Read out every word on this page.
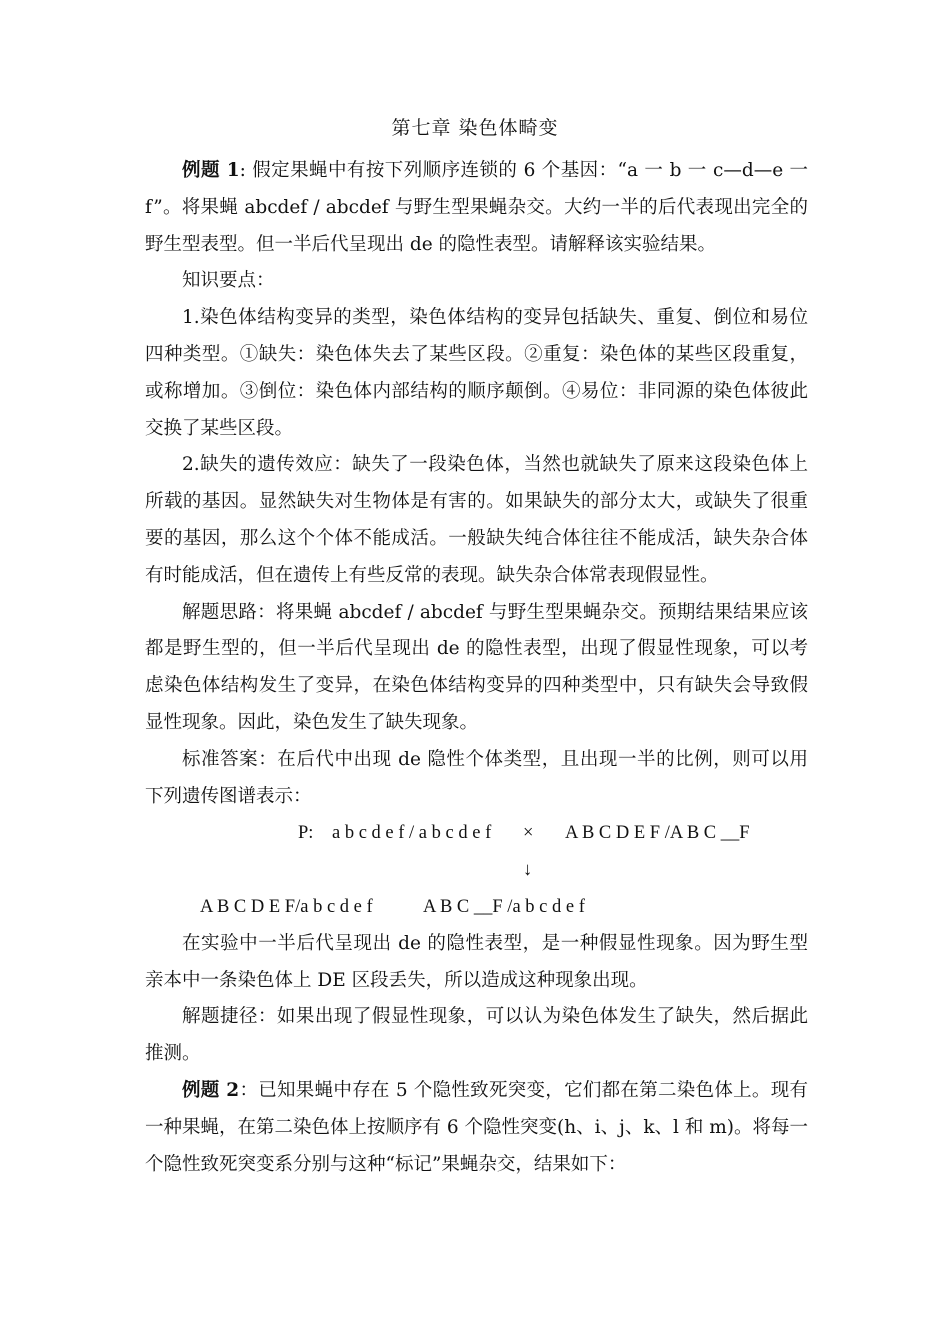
第七章 染色体畸变

例题 1: 假定果蝇中有按下列顺序连锁的 6 个基因：“a 一 b 一 c—d—e 一 f”。将果蝇 abcdef / abcdef 与野生型果蝇杂交。大约一半的后代表现出完全的野生型表型。但一半后代呈现出 de 的隐性表型。请解释该实验结果。

知识要点：

1.染色体结构变异的类型，染色体结构的变异包括缺失、重复、倒位和易位四种类型。①缺失：染色体失去了某些区段。②重复：染色体的某些区段重复，或称增加。③倒位：染色体内部结构的顺序颠倒。④易位：非同源的染色体彼此交换了某些区段。

2.缺失的遗传效应：缺失了一段染色体，当然也就缺失了原来这段染色体上所载的基因。显然缺失对生物体是有害的。如果缺失的部分太大，或缺失了很重要的基因，那么这个个体不能成活。一般缺失纯合体往往不能成活，缺失杂合体有时能成活，但在遗传上有些反常的表现。缺失杂合体常表现假显性。

解题思路：将果蝇 abcdef / abcdef 与野生型果蝇杂交。预期结果结果应该都是野生型的，但一半后代呈现出 de 的隐性表型，出现了假显性现象，可以考虑染色体结构发生了变异，在染色体结构变异的四种类型中，只有缺失会导致假显性现象。因此，染色发生了缺失现象。

标准答案：在后代中出现 de 隐性个体类型，且出现一半的比例，则可以用下列遗传图谱表示：

P: a b c d e f / a b c d e f × A B C D E F /A B C __F
↓
A B C D E F/a b c d e f	A B C __F /a b c d e f

在实验中一半后代呈现出 de 的隐性表型，是一种假显性现象。因为野生型亲本中一条染色体上 DE 区段丢失，所以造成这种现象出现。

解题捷径：如果出现了假显性现象，可以认为染色体发生了缺失，然后据此推测。

例题 2：已知果蝇中存在 5 个隐性致死突变，它们都在第二染色体上。现有一种果蝇，在第二染色体上按顺序有 6 个隐性突变(h、i、j、k、l 和 m)。将每一个隐性致死突变系分别与这种“标记”果蝇杂交，结果如下：
